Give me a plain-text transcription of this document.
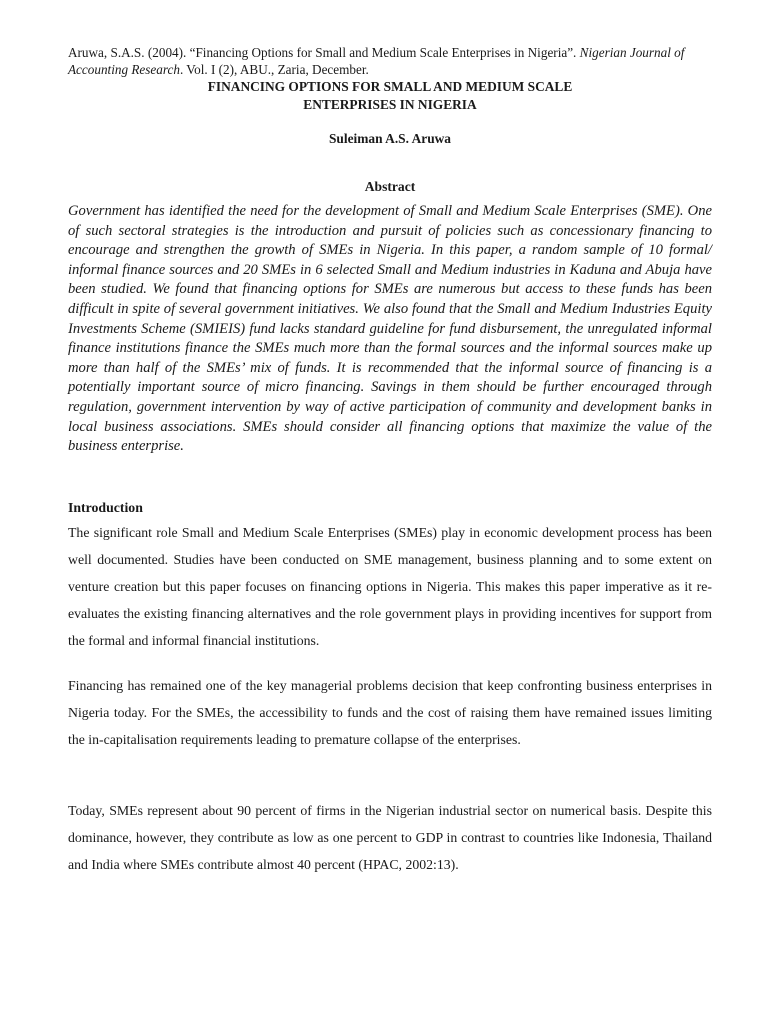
Aruwa, S.A.S. (2004). “Financing Options for Small and Medium Scale Enterprises in Nigeria”. Nigerian Journal of Accounting Research. Vol. I (2), ABU., Zaria, December.

FINANCING OPTIONS FOR SMALL AND MEDIUM SCALE
ENTERPRISES IN NIGERIA
Suleiman A.S. Aruwa
Abstract

Government has identified the need for the development of Small and Medium Scale Enterprises (SME). One of such sectoral strategies is the introduction and pursuit of policies such as concessionary financing to encourage and strengthen the growth of SMEs in Nigeria. In this paper, a random sample of 10 formal/ informal finance sources and 20 SMEs in 6 selected Small and Medium industries in Kaduna and Abuja have been studied. We found that financing options for SMEs are numerous but access to these funds has been difficult in spite of several government initiatives. We also found that the Small and Medium Industries Equity Investments Scheme (SMIEIS) fund lacks standard guideline for fund disbursement, the unregulated informal finance institutions finance the SMEs much more than the formal sources and the informal sources make up more than half of the SMEs’ mix of funds. It is recommended that the informal source of financing is a potentially important source of micro financing. Savings in them should be further encouraged through regulation, government intervention by way of active participation of community and development banks in local business associations. SMEs should consider all financing options that maximize the value of the business enterprise.

Introduction

The significant role Small and Medium Scale Enterprises (SMEs) play in economic development process has been well documented. Studies have been conducted on SME management, business planning and to some extent on venture creation but this paper focuses on financing options in Nigeria. This makes this paper imperative as it re-evaluates the existing financing alternatives and the role government plays in providing incentives for support from the formal and informal financial institutions.

Financing has remained one of the key managerial problems decision that keep confronting business enterprises in Nigeria today. For the SMEs, the accessibility to funds and the cost of raising them have remained issues limiting the in-capitalisation requirements leading to premature collapse of the enterprises.

Today, SMEs represent about 90 percent of firms in the Nigerian industrial sector on numerical basis. Despite this dominance, however, they contribute as low as one percent to GDP in contrast to countries like Indonesia, Thailand and India where SMEs contribute almost 40 percent (HPAC, 2002:13).
